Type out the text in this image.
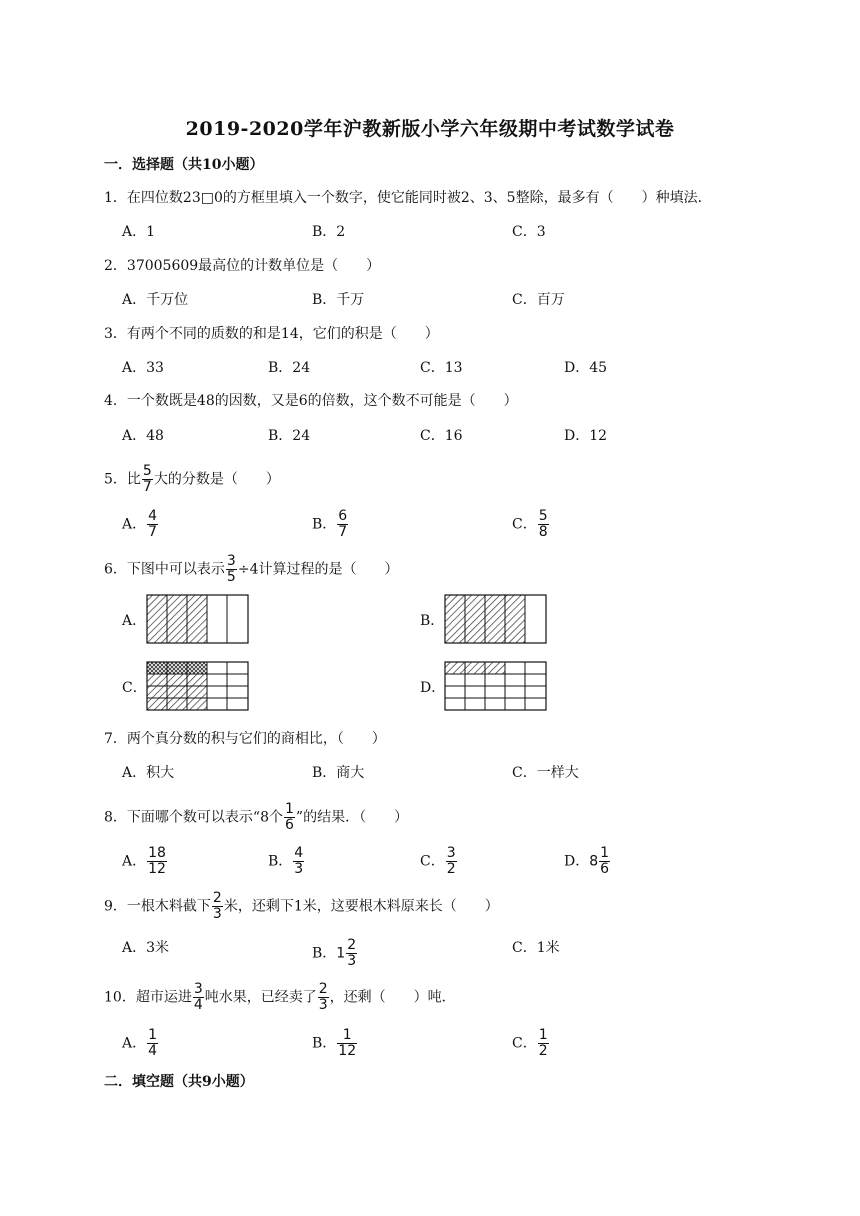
2019-2020学年沪教新版小学六年级期中考试数学试卷
一．选择题（共10小题）
1．在四位数23□0的方框里填入一个数字，使它能同时被2、3、5整除，最多有（　　）种填法．
A．1	B．2	C．3
2．37005609最高位的计数单位是（　　）
A．千万位	B．千万	C．百万
3．有两个不同的质数的和是14，它们的积是（　　）
A．33	B．24	C．13	D．45
4．一个数既是48的因数，又是6的倍数，这个数不可能是（　　）
A．48	B．24	C．16	D．12
5．比 $\frac{5}{7}$ 大的分数是（　　）
A． $\frac{4}{7}$	B． $\frac{6}{7}$	C． $\frac{5}{8}$
6．下图中可以表示 $\frac{3}{5} \div 4$计算过程的是（　　）
A．	B．
C．	D．
7．两个真分数的积与它们的商相比，（　　）
A．积大	B．商大	C．一样大
8．下面哪个数可以表示“8个 $\frac{1}{6}$ ”的结果．（　　）
A． $\frac{18}{12}$	B． $\frac{4}{3}$	C． $\frac{3}{2}$	D．$8 \frac{1}{6}$
9．一根木料截下 $\frac{2}{3}$ 米，还剩下1米，这要根木料原来长（　　）
A．3米	B．$1 \frac{2}{3}$	C．1米
10．超市运进 $\frac{3}{4}$ 吨水果，已经卖了 $\frac{2}{3}$ ，还剩（　　）吨．
A． $\frac{1}{4}$	B． $\frac{1}{12}$	C． $\frac{1}{2}$
二．填空题（共9小题）
